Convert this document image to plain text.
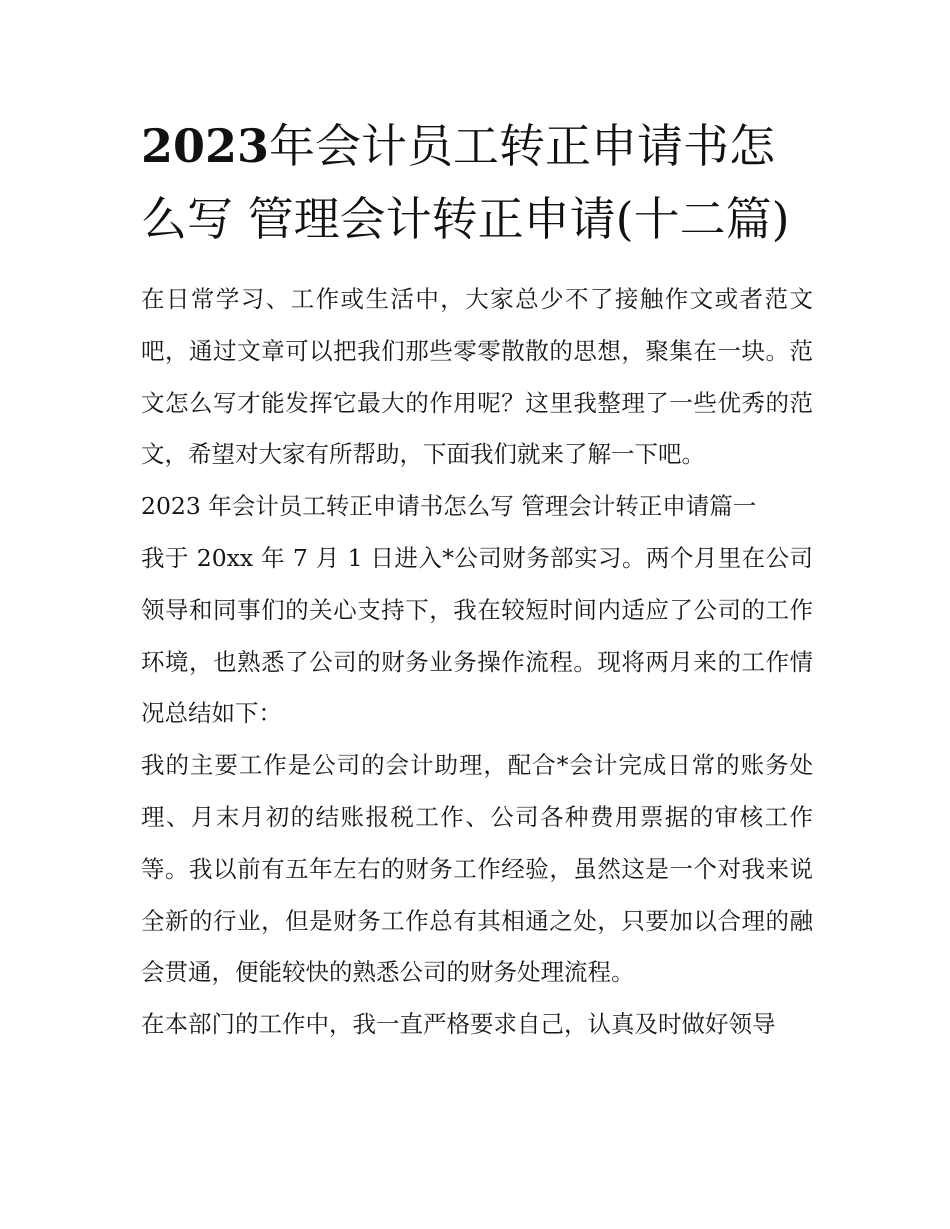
2023年会计员工转正申请书怎么写 管理会计转正申请(十二篇)

在日常学习、工作或生活中，大家总少不了接触作文或者范文吧，通过文章可以把我们那些零零散散的思想，聚集在一块。范文怎么写才能发挥它最大的作用呢？这里我整理了一些优秀的范文，希望对大家有所帮助，下面我们就来了解一下吧。

2023 年会计员工转正申请书怎么写 管理会计转正申请篇一

我于 20xx 年 7 月 1 日进入*公司财务部实习。两个月里在公司领导和同事们的关心支持下，我在较短时间内适应了公司的工作环境，也熟悉了公司的财务业务操作流程。现将两月来的工作情况总结如下：

我的主要工作是公司的会计助理，配合*会计完成日常的账务处理、月末月初的结账报税工作、公司各种费用票据的审核工作等。我以前有五年左右的财务工作经验，虽然这是一个对我来说全新的行业，但是财务工作总有其相通之处，只要加以合理的融会贯通，便能较快的熟悉公司的财务处理流程。

在本部门的工作中，我一直严格要求自己，认真及时做好领导
